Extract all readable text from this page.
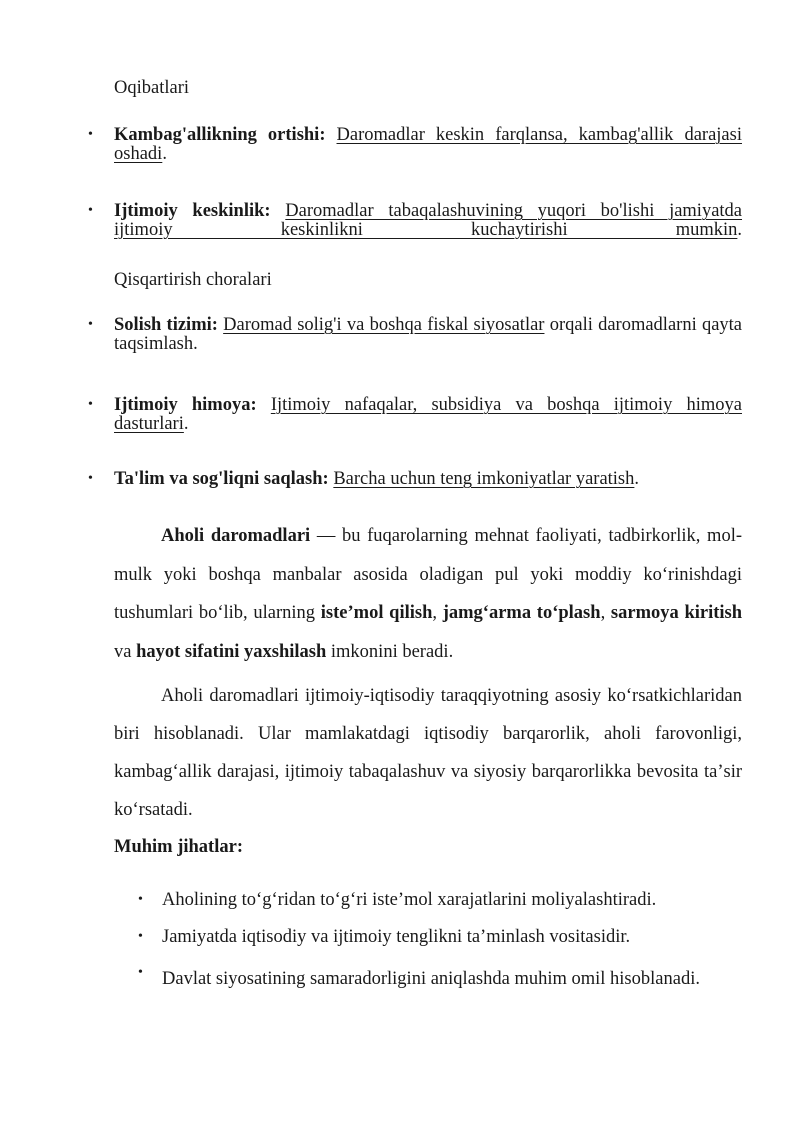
Oqibatlari
• Kambag'allikning ortishi: Daromadlar keskin farqlansa, kambag'allik darajasi oshadi.
• Ijtimoiy keskinlik: Daromadlar tabaqalashuvining yuqori bo'lishi jamiyatda ijtimoiy keskinlikni kuchaytirishi mumkin.
Qisqartirish choralari
• Solish tizimi: Daromad solig'i va boshqa fiskal siyosatlar orqali daromadlarni qayta taqsimlash.
• Ijtimoiy himoya: Ijtimoiy nafaqalar, subsidiya va boshqa ijtimoiy himoya dasturlari.
• Ta'lim va sog'liqni saqlash: Barcha uchun teng imkoniyatlar yaratish.
Aholi daromadlari — bu fuqarolarning mehnat faoliyati, tadbirkorlik, mol-mulk yoki boshqa manbalar asosida oladigan pul yoki moddiy koʻrinishdagi tushumlari boʻlib, ularning isteʼmol qilish, jamgʻarma toʻplash, sarmoya kiritish va hayot sifatini yaxshilash imkonini beradi.
Aholi daromadlari ijtimoiy-iqtisodiy taraqqiyotning asosiy koʻrsatkichlaridan biri hisoblanadi. Ular mamlakatdagi iqtisodiy barqarorlik, aholi farovonligi, kambagʻallik darajasi, ijtimoiy tabaqalashuv va siyosiy barqarorlikka bevosita taʼsir koʻrsatadi.
Muhim jihatlar:
• Aholining toʻgʻridan toʻgʻri isteʼmol xarajatlarini moliyalashtiradi.
• Jamiyatda iqtisodiy va ijtimoiy tenglikni taʼminlash vositasidir.
• Davlat siyosatining samaradorligini aniqlashda muhim omil hisoblanadi.
